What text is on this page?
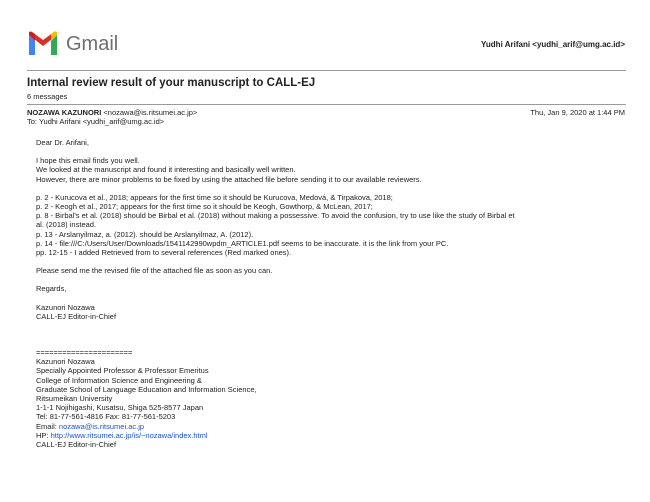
Gmail	Yudhi Arifani <yudhi_arif@umg.ac.id>
Internal review result of your manuscript to CALL-EJ
6 messages
NOZAWA KAZUNORI <nozawa@is.ritsumei.ac.jp>	Thu, Jan 9, 2020 at 1:44 PM
To: Yudhi Arifani <yudhi_arif@umg.ac.id>

Dear Dr. Arifani,

I hope this email finds you well.

We looked at the manuscript and found it interesting and basically well written.

However, there are minor problems to be fixed by using the attached file before sending it to our available reviewers.

p. 2 - Kurucova et al., 2018; appears for the first time so it should be Kurucova, Medová, & Tirpakova, 2018;

p. 2 - Keogh et al., 2017; appears for the first time so it should be Keogh, Gowthorp, & McLean, 2017;

p. 8 - Birbal's et al. (2018) should be Birbal et al. (2018) without making a possessive. To avoid the confusion, try to use like the study of Birbal et

al. (2018) instead.

p. 13 - Arslanyilmaz, a. (2012). should be Arslanyilmaz, A. (2012).

p. 14 - file:///C:/Users/User/Downloads/1541142990wpdm_ARTICLE1.pdf seems to be inaccurate. it is the link from your PC.

pp. 12-15 - I added Retrieved from to several references (Red marked ones).

Please send me the revised file of the attached file as soon as you can.

Regards,

Kazunori Nozawa

CALL-EJ Editor-in-Chief

======================

Kazunori Nozawa

Specially Appointed Professor & Professor Emeritus

College of Information Science and Engineering &

Graduate School of Language Education and Information Science,

Ritsumeikan University

1-1-1 Nojihigashi, Kusatsu, Shiga 525-8577 Japan

Tel: 81-77-561-4816 Fax: 81-77-561-5203

Email: nozawa@is.ritsumei.ac.jp

HP: http://www.ritsumei.ac.jp/is/~nozawa/index.html

CALL-EJ Editor-in-Chief
